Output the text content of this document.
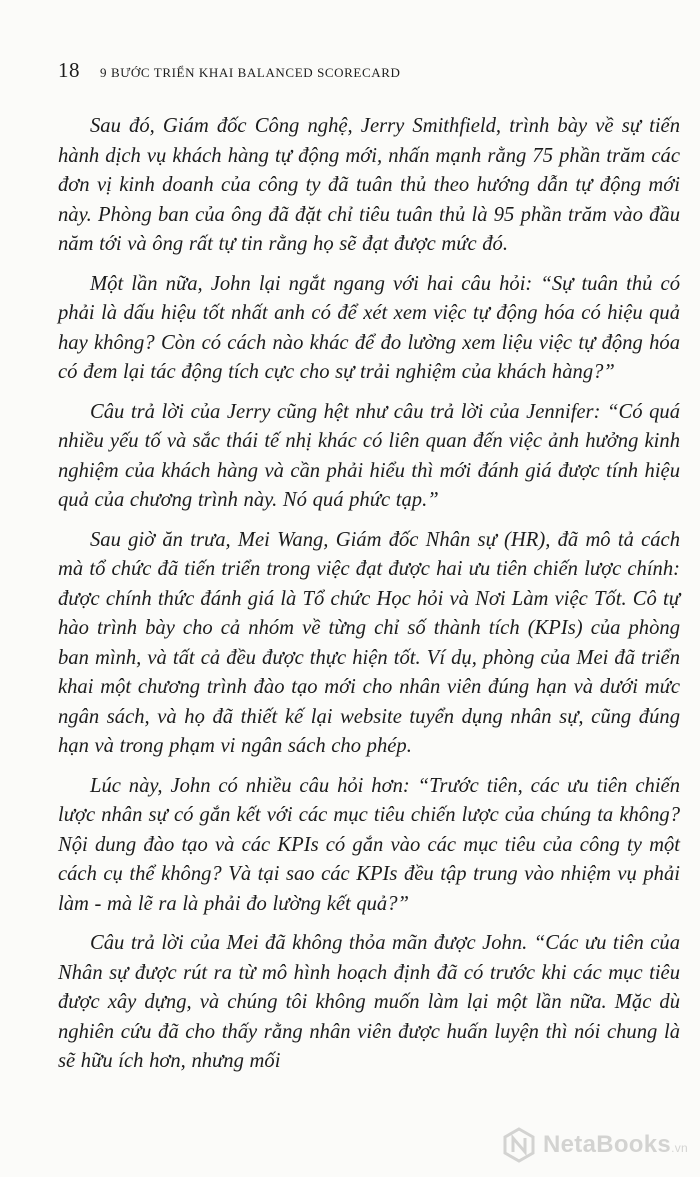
18 9 BƯỚC TRIỂN KHAI BALANCED SCORECARD

Sau đó, Giám đốc Công nghệ, Jerry Smithfield, trình bày về sự tiến hành dịch vụ khách hàng tự động mới, nhấn mạnh rằng 75 phần trăm các đơn vị kinh doanh của công ty đã tuân thủ theo hướng dẫn tự động mới này. Phòng ban của ông đã đặt chỉ tiêu tuân thủ là 95 phần trăm vào đầu năm tới và ông rất tự tin rằng họ sẽ đạt được mức đó.

Một lần nữa, John lại ngắt ngang với hai câu hỏi: “Sự tuân thủ có phải là dấu hiệu tốt nhất anh có để xét xem việc tự động hóa có hiệu quả hay không? Còn có cách nào khác để đo lường xem liệu việc tự động hóa có đem lại tác động tích cực cho sự trải nghiệm của khách hàng?”

Câu trả lời của Jerry cũng hệt như câu trả lời của Jennifer: “Có quá nhiều yếu tố và sắc thái tế nhị khác có liên quan đến việc ảnh hưởng kinh nghiệm của khách hàng và cần phải hiểu thì mới đánh giá được tính hiệu quả của chương trình này. Nó quá phức tạp.”

Sau giờ ăn trưa, Mei Wang, Giám đốc Nhân sự (HR), đã mô tả cách mà tổ chức đã tiến triển trong việc đạt được hai ưu tiên chiến lược chính: được chính thức đánh giá là Tổ chức Học hỏi và Nơi Làm việc Tốt. Cô tự hào trình bày cho cả nhóm về từng chỉ số thành tích (KPIs) của phòng ban mình, và tất cả đều được thực hiện tốt. Ví dụ, phòng của Mei đã triển khai một chương trình đào tạo mới cho nhân viên đúng hạn và dưới mức ngân sách, và họ đã thiết kế lại website tuyển dụng nhân sự, cũng đúng hạn và trong phạm vi ngân sách cho phép.

Lúc này, John có nhiều câu hỏi hơn: “Trước tiên, các ưu tiên chiến lược nhân sự có gắn kết với các mục tiêu chiến lược của chúng ta không? Nội dung đào tạo và các KPIs có gắn vào các mục tiêu của công ty một cách cụ thể không? Và tại sao các KPIs đều tập trung vào nhiệm vụ phải làm - mà lẽ ra là phải đo lường kết quả?”

Câu trả lời của Mei đã không thỏa mãn được John. “Các ưu tiên của Nhân sự được rút ra từ mô hình hoạch định đã có trước khi các mục tiêu được xây dựng, và chúng tôi không muốn làm lại một lần nữa. Mặc dù nghiên cứu đã cho thấy rằng nhân viên được huấn luyện thì nói chung là sẽ hữu ích hơn, nhưng mối

NetaBooks.vn
